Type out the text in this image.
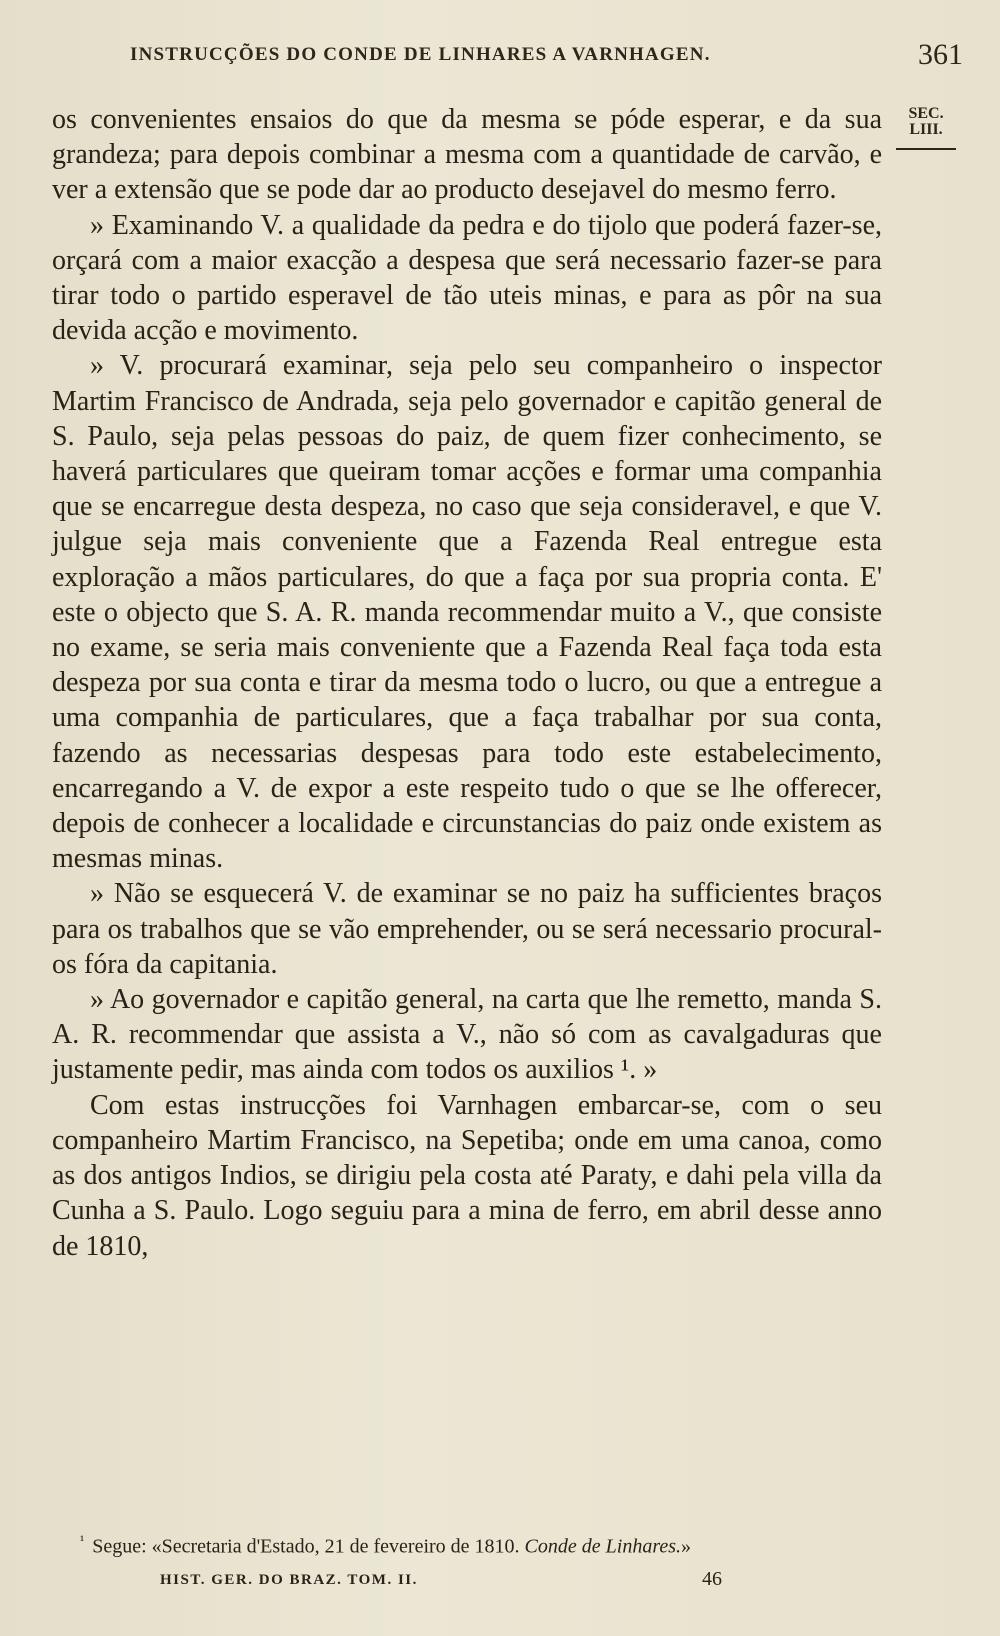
INSTRUCÇÕES DO CONDE DE LINHARES A VARNHAGEN.	361
SEC.
LIII.

os convenientes ensaios do que da mesma se póde esperar, e da sua grandeza; para depois combinar a mesma com a quantidade de carvão, e ver a extensão que se pode dar ao producto desejavel do mesmo ferro.

» Examinando V. a qualidade da pedra e do tijolo que poderá fazer-se, orçará com a maior exacção a despesa que será necessario fazer-se para tirar todo o partido esperavel de tão uteis minas, e para as pôr na sua devida acção e movimento.

» V. procurará examinar, seja pelo seu companheiro o inspector Martim Francisco de Andrada, seja pelo governador e capitão general de S. Paulo, seja pelas pessoas do paiz, de quem fizer conhecimento, se haverá particulares que queiram tomar acções e formar uma companhia que se encarregue desta despeza, no caso que seja consideravel, e que V. julgue seja mais conveniente que a Fazenda Real entregue esta exploração a mãos particulares, do que a faça por sua propria conta. E' este o objecto que S. A. R. manda recommendar muito a V., que consiste no exame, se seria mais conveniente que a Fazenda Real faça toda esta despeza por sua conta e tirar da mesma todo o lucro, ou que a entregue a uma companhia de particulares, que a faça trabalhar por sua conta, fazendo as necessarias despesas para todo este estabelecimento, encarregando a V. de expor a este respeito tudo o que se lhe offerecer, depois de conhecer a localidade e circunstancias do paiz onde existem as mesmas minas.

» Não se esquecerá V. de examinar se no paiz ha sufficientes braços para os trabalhos que se vão emprehender, ou se será necessario procural-os fóra da capitania.

» Ao governador e capitão general, na carta que lhe remetto, manda S. A. R. recommendar que assista a V., não só com as cavalgaduras que justamente pedir, mas ainda com todos os auxilios ¹. »

Com estas instrucções foi Varnhagen embarcar-se, com o seu companheiro Martim Francisco, na Sepetiba; onde em uma canoa, como as dos antigos Indios, se dirigiu pela costa até Paraty, e dahi pela villa da Cunha a S. Paulo. Logo seguiu para a mina de ferro, em abril desse anno de 1810,

$^{^1}$ Segue: «Secretaria d'Estado, 21 de fevereiro de 1810. Conde de Linhares.»
HIST. GER. DO BRAZ. TOM. II.	46
